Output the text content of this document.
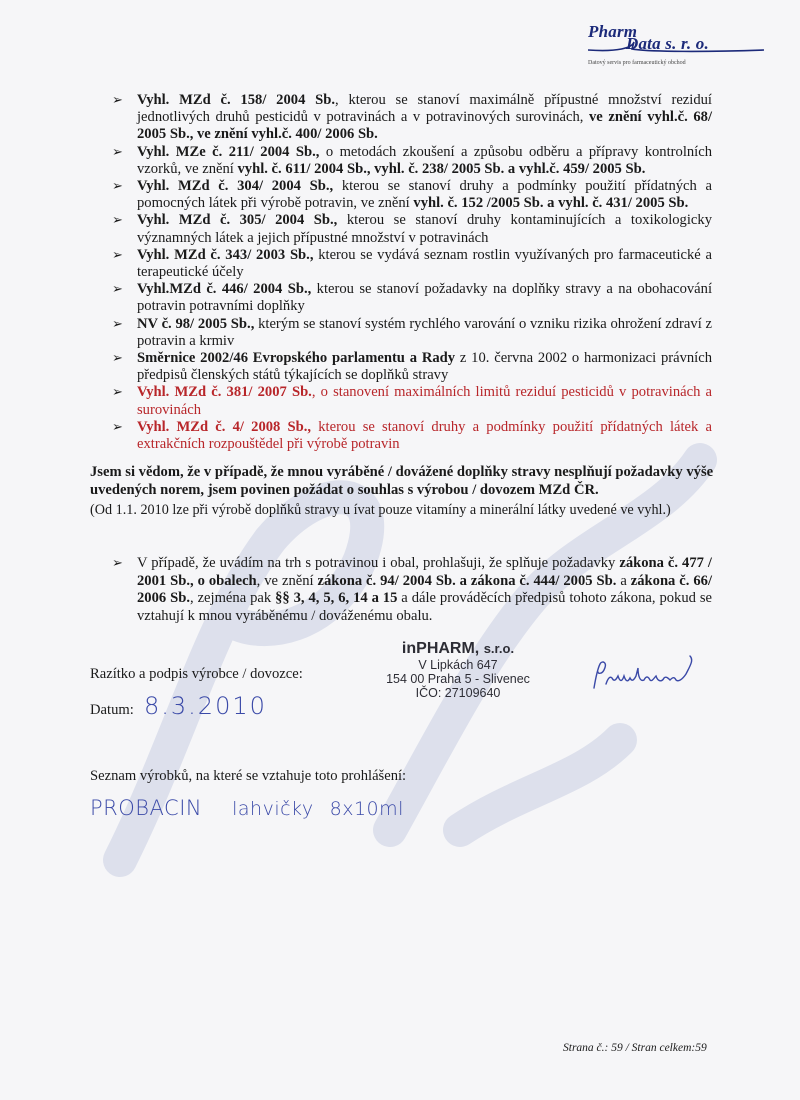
Pharm
Data s. r. o.
Datový servis pro farmaceutický obchod
➢ Vyhl. MZd č. 158/ 2004 Sb., kterou se stanoví maximálně přípustné množství reziduí jednotlivých druhů pesticidů v potravinách a v potravinových surovinách, ve znění vyhl.č. 68/ 2005 Sb., ve znění vyhl.č. 400/ 2006 Sb.
➢ Vyhl. MZe č. 211/ 2004 Sb., o metodách zkoušení a způsobu odběru a přípravy kontrolních vzorků, ve znění vyhl. č. 611/ 2004 Sb., vyhl. č. 238/ 2005 Sb. a vyhl.č. 459/ 2005 Sb.
➢ Vyhl. MZd č. 304/ 2004 Sb., kterou se stanoví druhy a podmínky použití přídatných a pomocných látek při výrobě potravin, ve znění vyhl. č. 152 /2005 Sb. a vyhl. č. 431/ 2005 Sb.
➢ Vyhl. MZd č. 305/ 2004 Sb., kterou se stanoví druhy kontaminujících a toxikologicky významných látek a jejich přípustné množství v potravinách
➢ Vyhl. MZd č. 343/ 2003 Sb., kterou se vydává seznam rostlin využívaných pro farmaceutické a terapeutické účely
➢ Vyhl.MZd č. 446/ 2004 Sb., kterou se stanoví požadavky na doplňky stravy a na obohacování potravin potravními doplňky
➢ NV č. 98/ 2005 Sb., kterým se stanoví systém rychlého varování o vzniku rizika ohrožení zdraví z potravin a krmiv
➢ Směrnice 2002/46 Evropského parlamentu a Rady z 10. června 2002 o harmonizaci právních předpisů členských států týkajících se doplňků stravy
➢ Vyhl. MZd č. 381/ 2007 Sb., o stanovení maximálních limitů reziduí pesticidů v potravinách a surovinách
➢ Vyhl. MZd č. 4/ 2008 Sb., kterou se stanoví druhy a podmínky použití přídatných látek a extrakčních rozpouštědel při výrobě potravin
Jsem si vědom, že v případě, že mnou vyráběné / dovážené doplňky stravy nesplňují požadavky výše uvedených norem, jsem povinen požádat o souhlas s výrobou / dovozem MZd ČR.
(Od 1.1. 2010 lze při výrobě doplňků stravy u ívat pouze vitamíny a minerální látky uvedené ve vyhl.)
➢ V případě, že uvádím na trh s potravinou i obal, prohlašuji, že splňuje požadavky zákona č. 477 / 2001 Sb., o obalech, ve znění zákona č. 94/ 2004 Sb. a zákona č. 444/ 2005 Sb. a zákona č. 66/ 2006 Sb., zejména pak §§ 3, 4, 5, 6, 14 a 15 a dále prováděcích předpisů tohoto zákona, pokud se vztahují k mnou vyráběnému / dováženému obalu.
Razítko a podpis výrobce / dovozce:
Datum: 8.3.2010
inPHARM, s.r.o.
V Lipkách 647
154 00 Praha 5 - Slivenec
IČO: 27109640
Seznam výrobků, na které se vztahuje toto prohlášení:
PROBACIN lahvičky 8x10ml
Strana č.: 59 / Stran celkem:59
